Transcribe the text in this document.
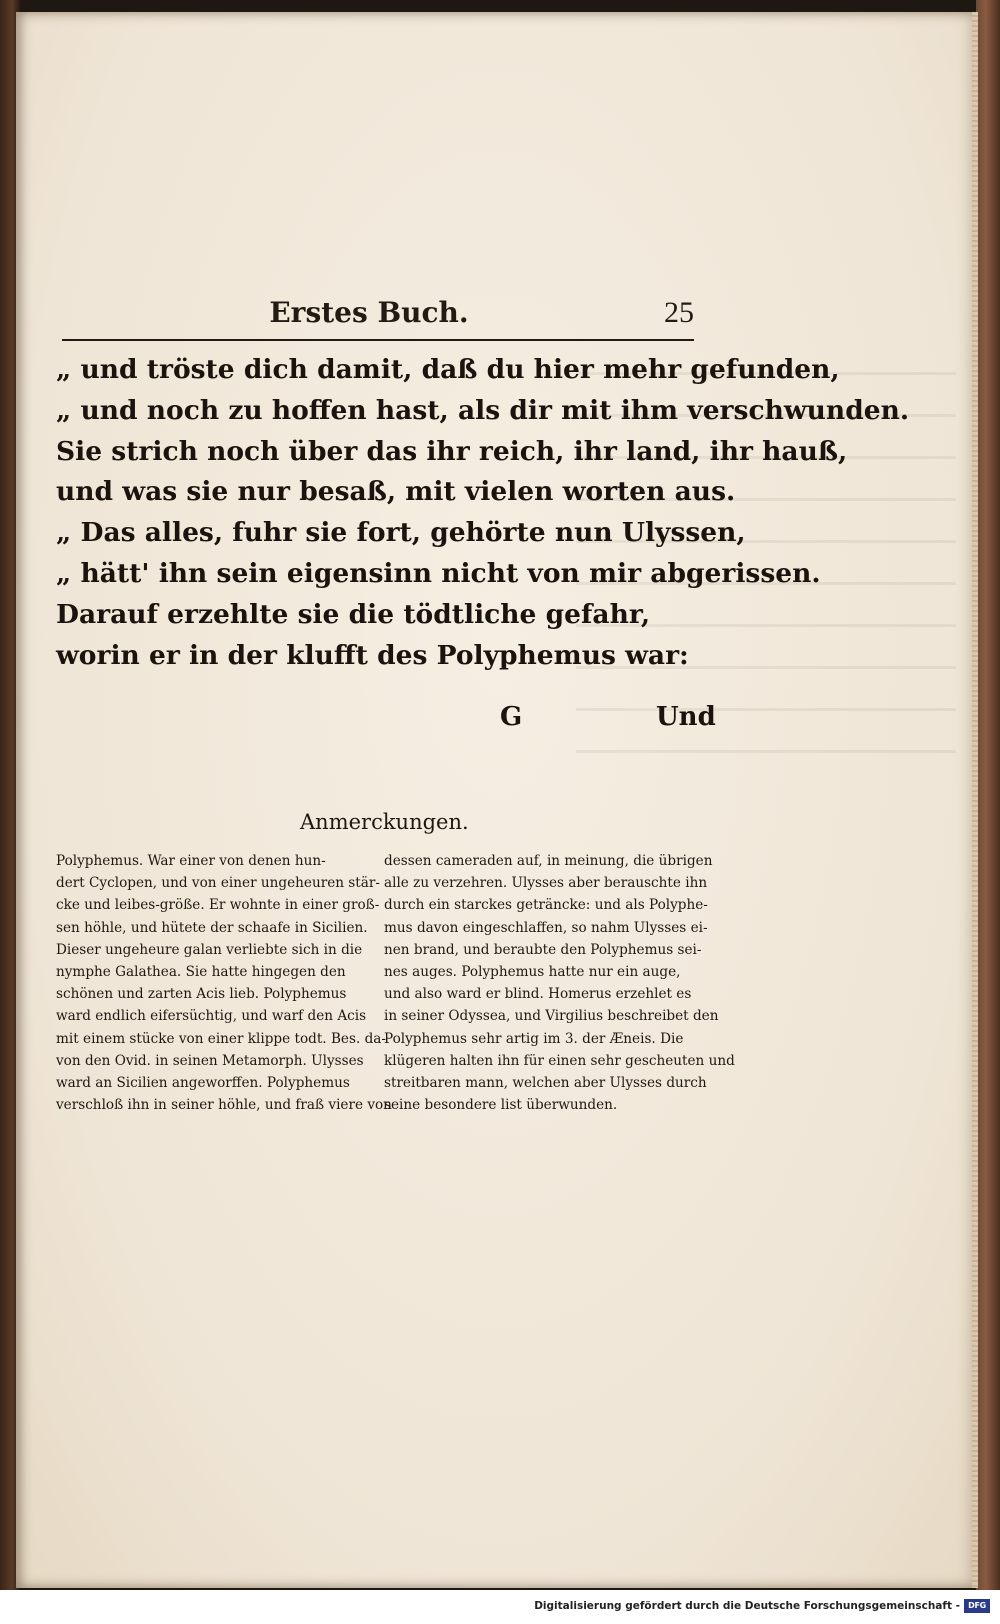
Erstes Buch.	25
„ und tröste dich damit, daß du hier mehr gefunden,
„ und noch zu hoffen hast, als dir mit ihm verschwunden.
Sie strich noch über das ihr reich, ihr land, ihr hauß,
und was sie nur besaß, mit vielen worten aus.
„ Das alles, fuhr sie fort, gehörte nun Ulyssen,
„ hätt' ihn sein eigensinn nicht von mir abgerissen.
Darauf erzehlte sie die tödtliche gefahr,
worin er in der klufft des Polyphemus war:
G	Und
Anmerckungen.
Polyphemus. War einer von denen hun-
dert Cyclopen, und von einer ungeheuren stär-
cke und leibes-größe. Er wohnte in einer groß-
sen höhle, und hütete der schaafe in Sicilien.
Dieser ungeheure galan verliebte sich in die
nymphe Galathea. Sie hatte hingegen den
schönen und zarten Acis lieb. Polyphemus
ward endlich eifersüchtig, und warf den Acis
mit einem stücke von einer klippe todt. Bes. da-
von den Ovid. in seinen Metamorph. Ulysses
ward an Sicilien angeworffen. Polyphemus
verschloß ihn in seiner höhle, und fraß viere von
dessen cameraden auf, in meinung, die übrigen
alle zu verzehren. Ulysses aber berauschte ihn
durch ein starckes geträncke: und als Polyphe-
mus davon eingeschlaffen, so nahm Ulysses ei-
nen brand, und beraubte den Polyphemus sei-
nes auges. Polyphemus hatte nur ein auge,
und also ward er blind. Homerus erzehlet es
in seiner Odyssea, und Virgilius beschreibet den
Polyphemus sehr artig im 3. der Æneis. Die
klügeren halten ihn für einen sehr gescheuten und
streitbaren mann, welchen aber Ulysses durch
seine besondere list überwunden.
Digitalisierung gefördert durch die Deutsche Forschungsgemeinschaft -	DFG
